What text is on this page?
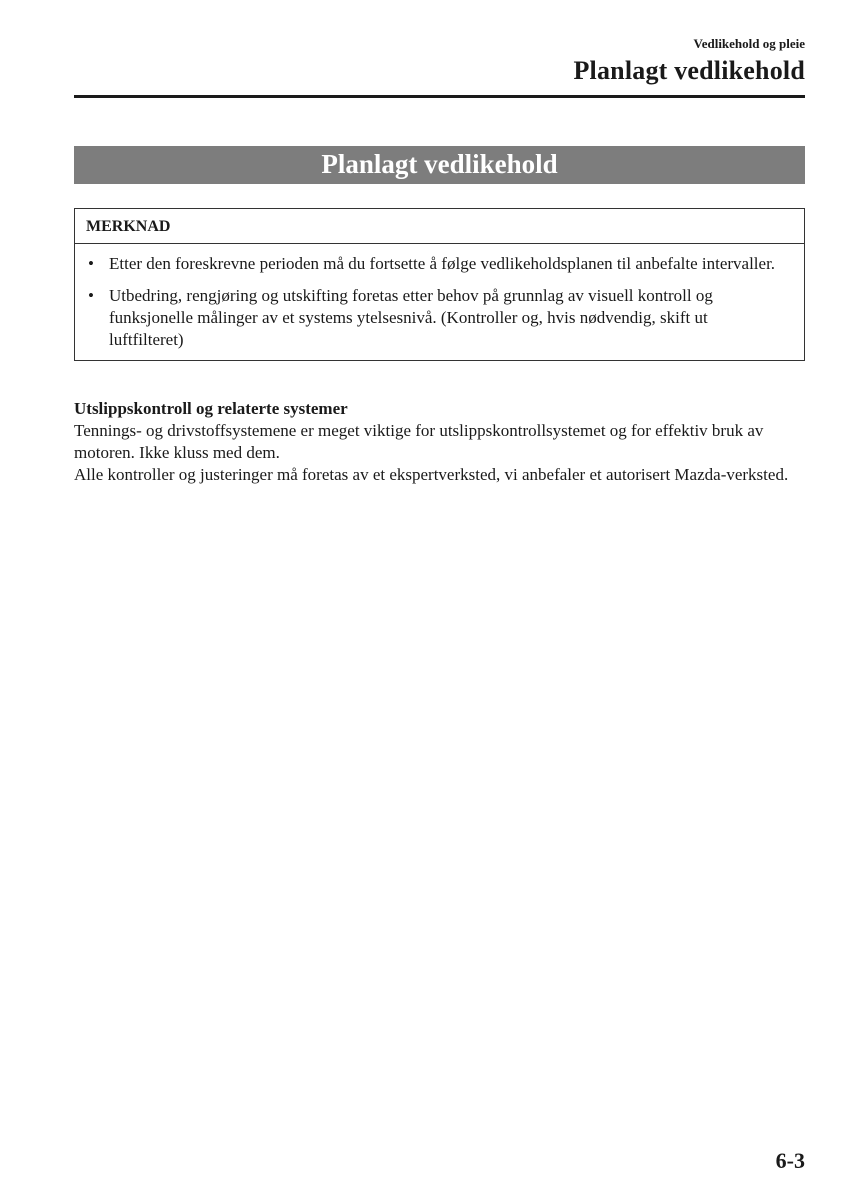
Vedlikehold og pleie
Planlagt vedlikehold
Planlagt vedlikehold
MERKNAD
• Etter den foreskrevne perioden må du fortsette å følge vedlikeholdsplanen til anbefalte intervaller.
• Utbedring, rengjøring og utskifting foretas etter behov på grunnlag av visuell kontroll og funksjonelle målinger av et systems ytelsesnivå. (Kontroller og, hvis nødvendig, skift ut luftfilteret)

Utslippskontroll og relaterte systemer

Tennings- og drivstoffsystemene er meget viktige for utslippskontrollsystemet og for effektiv bruk av motoren. Ikke kluss med dem.

Alle kontroller og justeringer må foretas av et ekspertverksted, vi anbefaler et autorisert Mazda-verksted.

6-3
